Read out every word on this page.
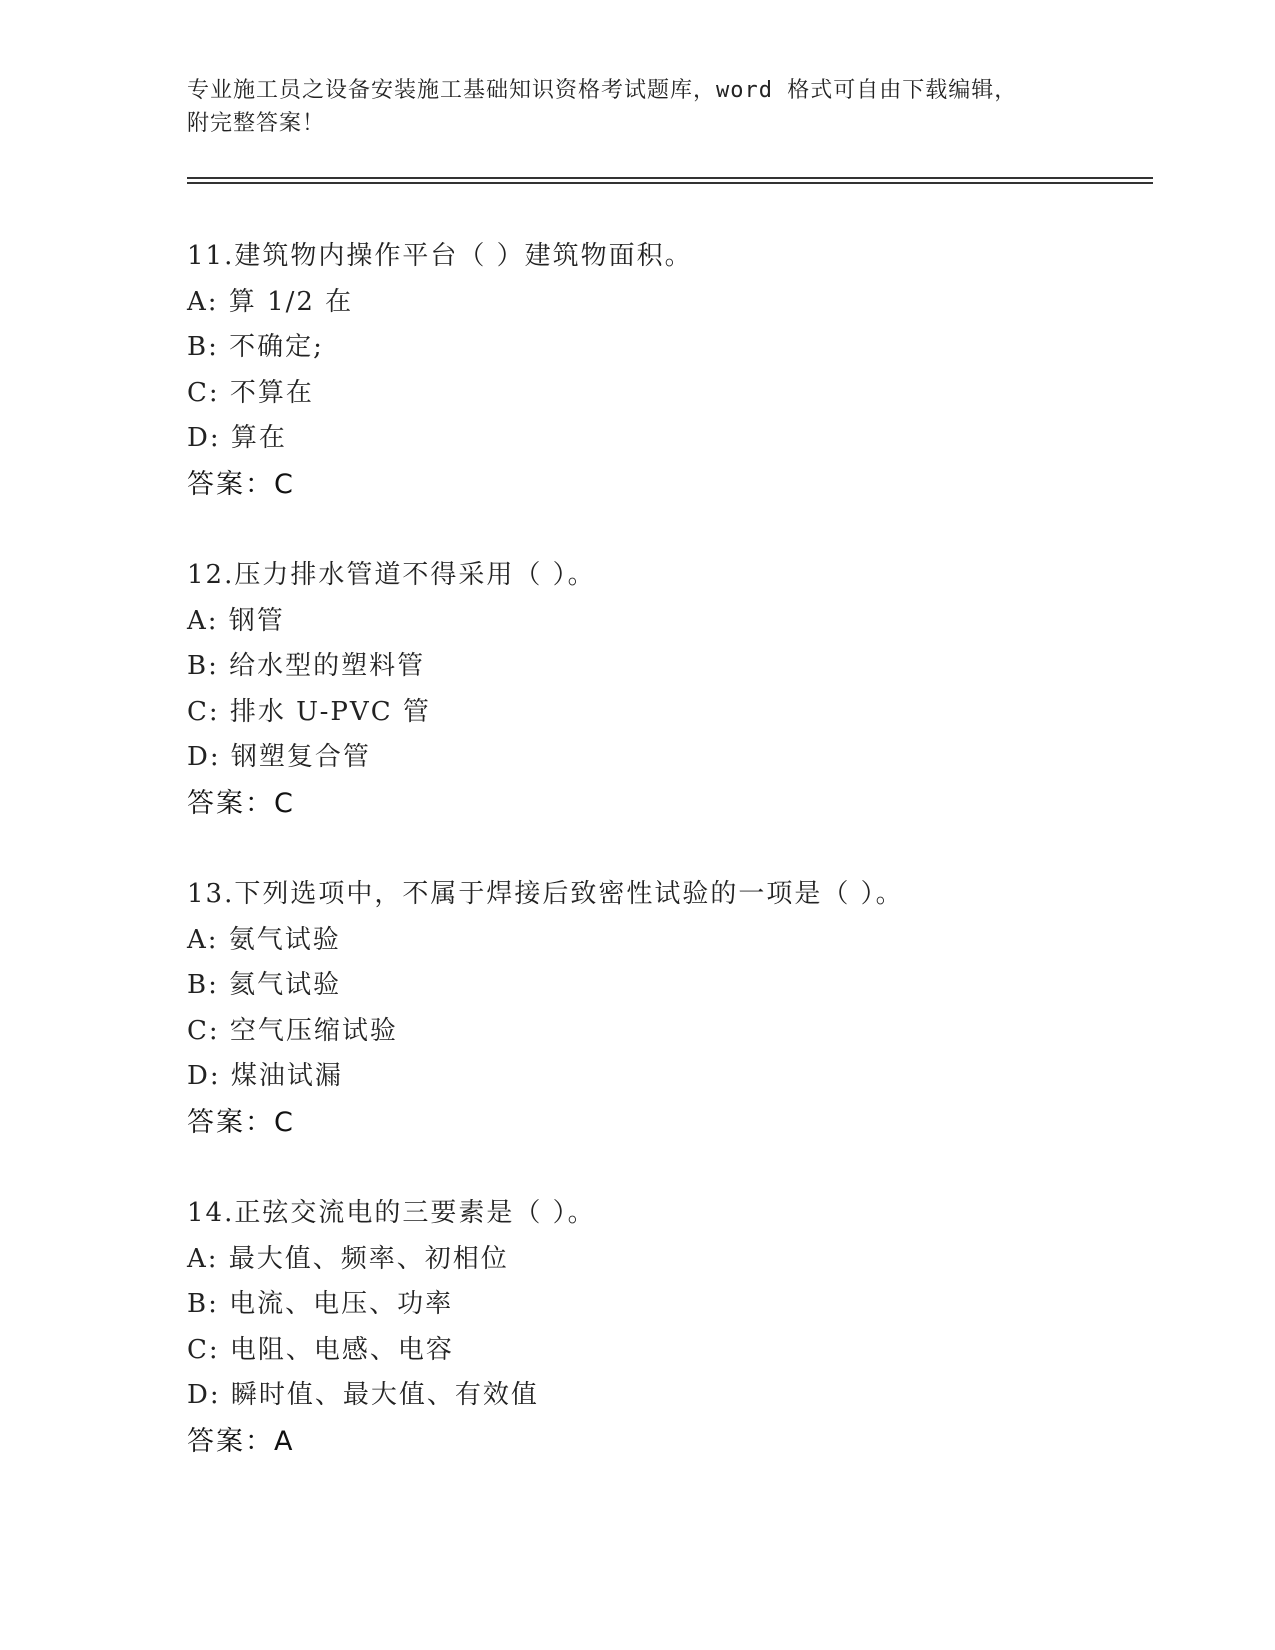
专业施工员之设备安装施工基础知识资格考试题库，word 格式可自由下载编辑，
附完整答案！
11.建筑物内操作平台（ ）建筑物面积。
A: 算 1/2 在
B: 不确定;
C: 不算在
D: 算在
答案：C
12.压力排水管道不得采用（ ）。
A: 钢管
B: 给水型的塑料管
C: 排水 U-PVC 管
D: 钢塑复合管
答案：C
13.下列选项中，不属于焊接后致密性试验的一项是（ ）。
A: 氨气试验
B: 氦气试验
C: 空气压缩试验
D: 煤油试漏
答案：C
14.正弦交流电的三要素是（ ）。
A: 最大值、频率、初相位
B: 电流、电压、功率
C: 电阻、电感、电容
D: 瞬时值、最大值、有效值
答案：A
